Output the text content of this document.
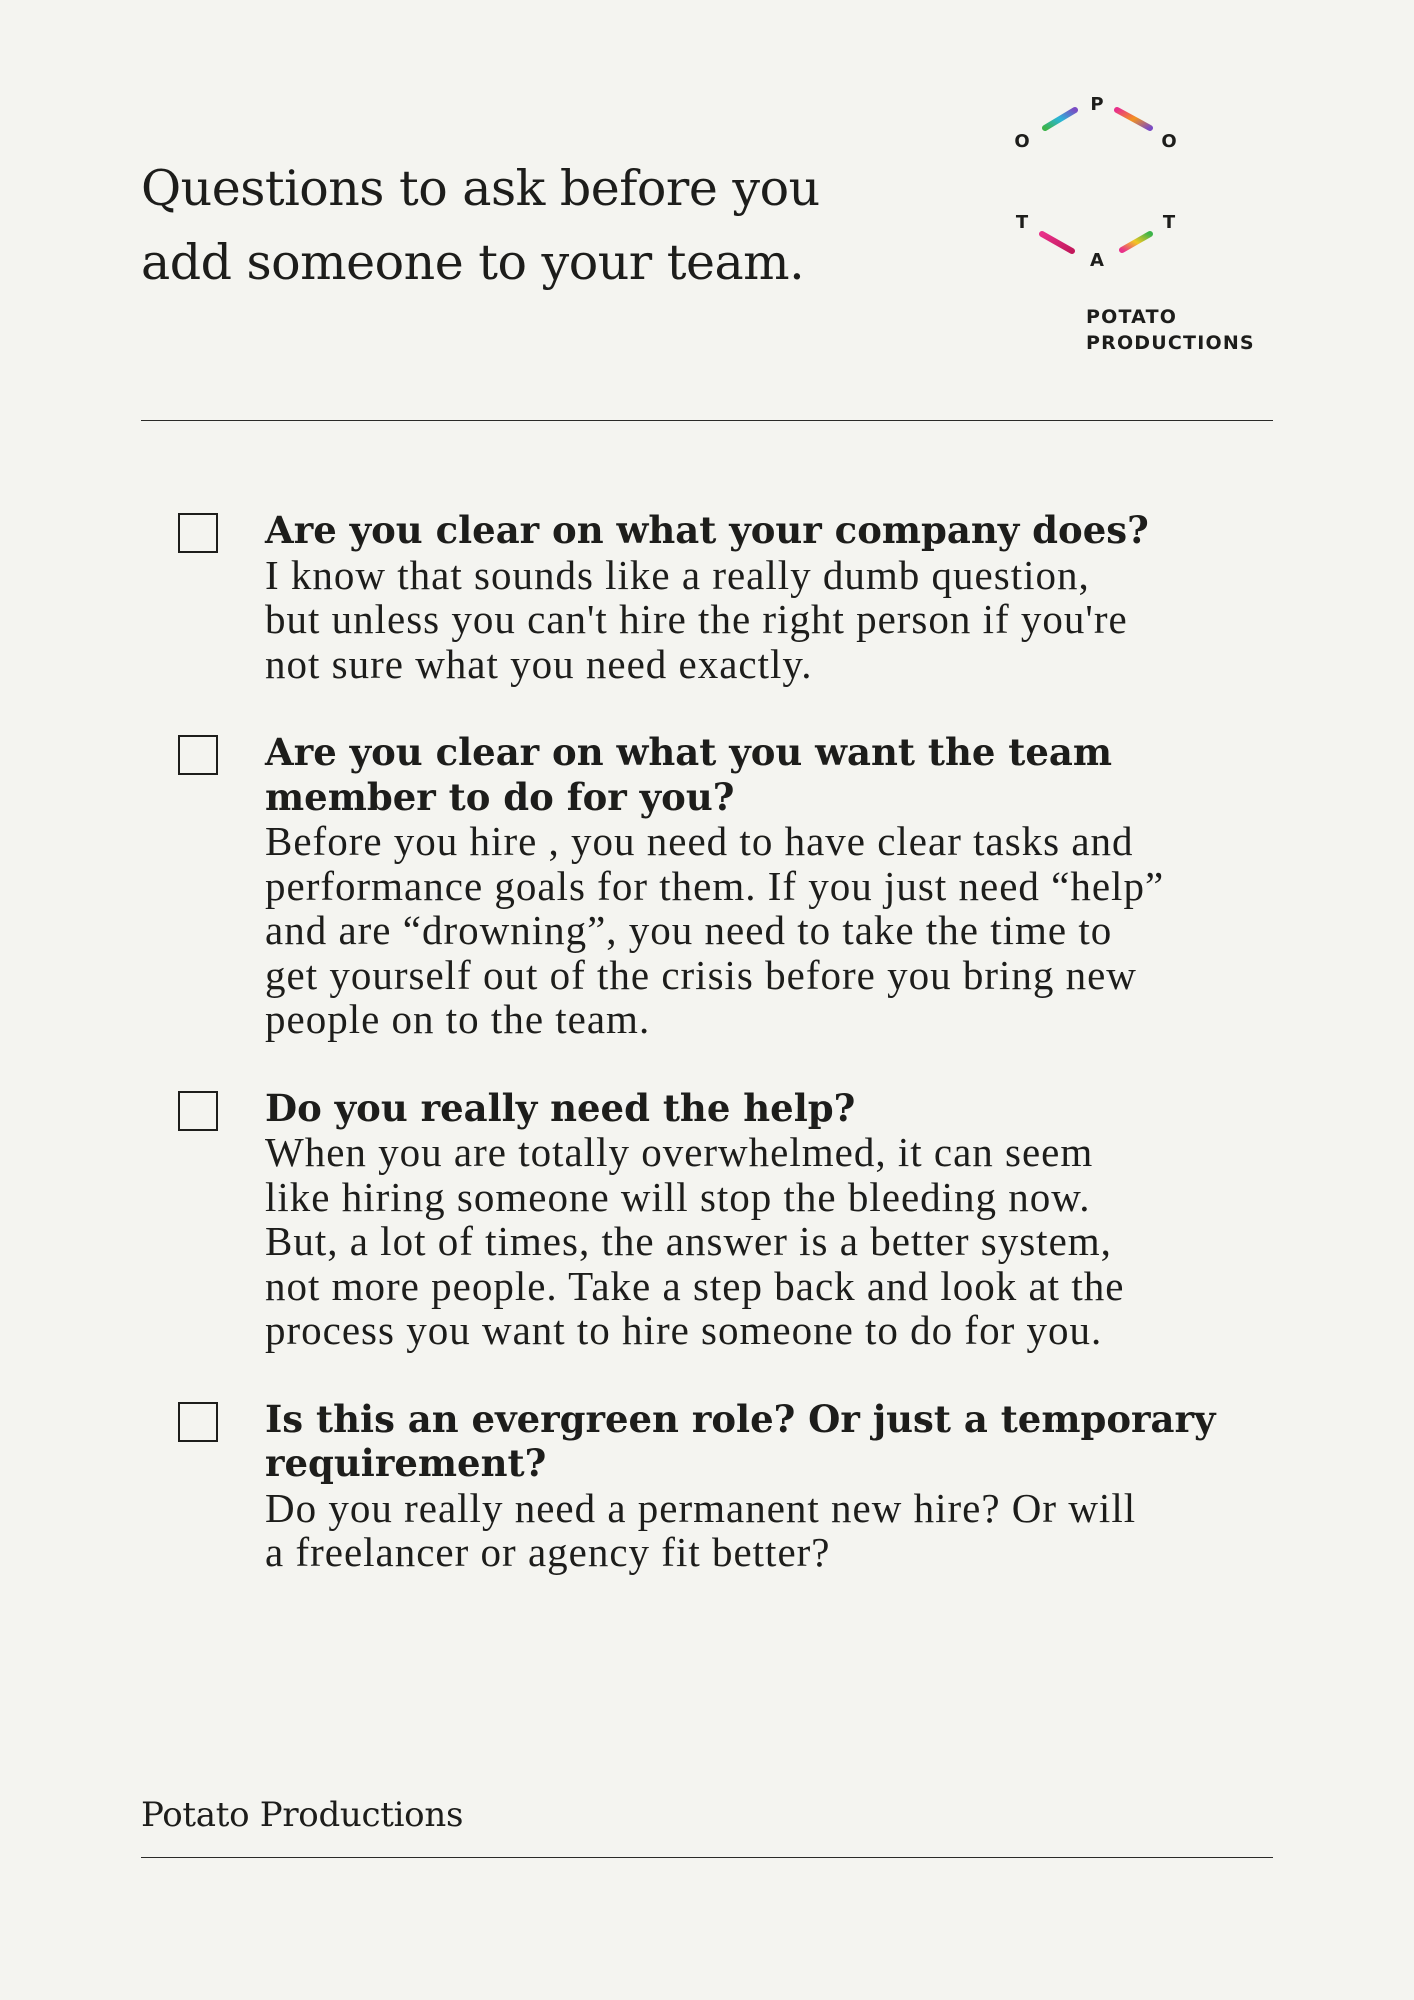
Questions to ask before you
add someone to your team.
P
O
T
A
T
O
POTATO
PRODUCTIONS
Are you clear on what your company does?
I know that sounds like a really dumb question,
but unless you can't hire the right person if you're
not sure what you need exactly.
Are you clear on what you want the team
member to do for you?
Before you hire , you need to have clear tasks and
performance goals for them. If you just need “help”
and are “drowning”, you need to take the time to
get yourself out of the crisis before you bring new
people on to the team.
Do you really need the help?
When you are totally overwhelmed, it can seem
like hiring someone will stop the bleeding now.
But, a lot of times, the answer is a better system,
not more people. Take a step back and look at the
process you want to hire someone to do for you.
Is this an evergreen role? Or just a temporary
requirement?
Do you really need a permanent new hire? Or will
a freelancer or agency fit better?
Potato Productions
